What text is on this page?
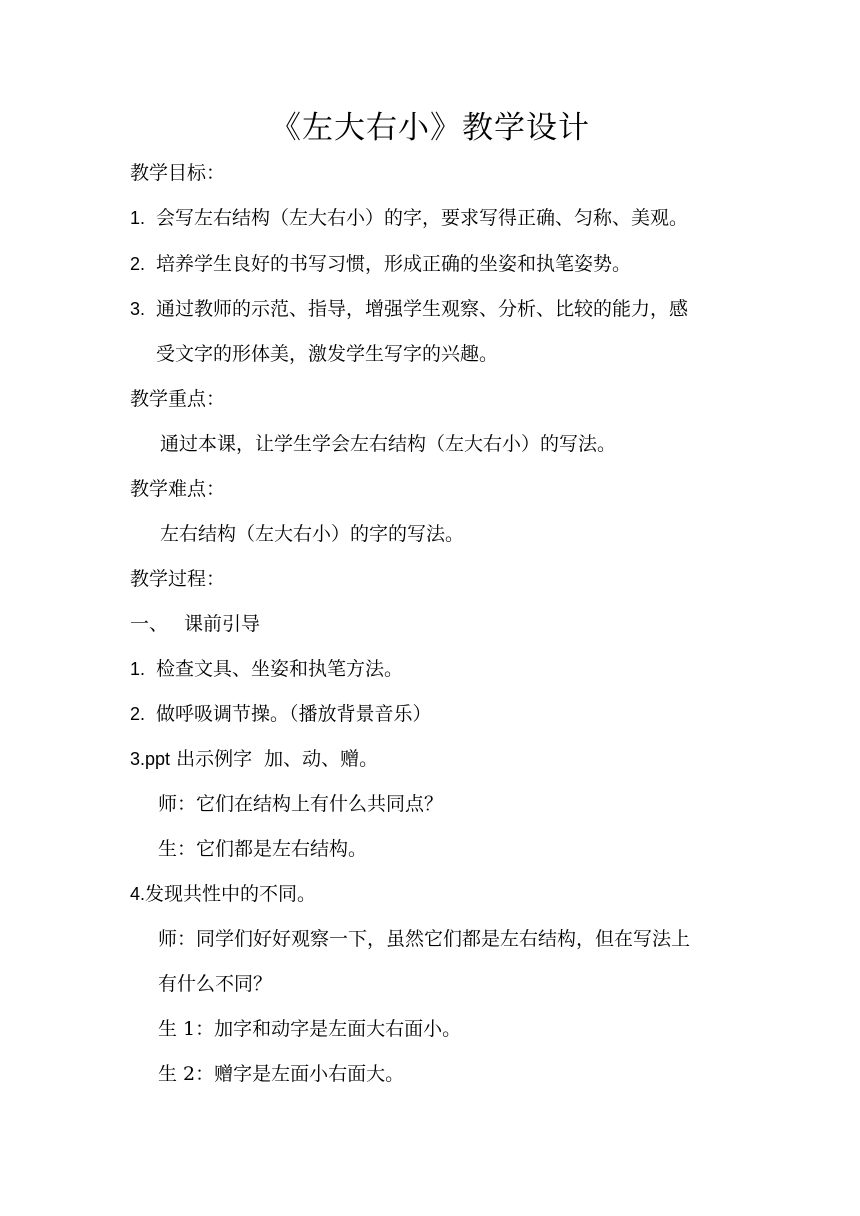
《左大右小》教学设计
教学目标：
1. 会写左右结构（左大右小）的字，要求写得正确、匀称、美观。
2. 培养学生良好的书写习惯，形成正确的坐姿和执笔姿势。
3. 通过教师的示范、指导，增强学生观察、分析、比较的能力，感
受文字的形体美，激发学生写字的兴趣。
教学重点：
通过本课，让学生学会左右结构（左大右小）的写法。
教学难点：
左右结构（左大右小）的字的写法。
教学过程：
一、 课前引导
1. 检查文具、坐姿和执笔方法。
2. 做呼吸调节操。（播放背景音乐）
3.ppt 出示例字  加、动、赠。
师：它们在结构上有什么共同点？
生：它们都是左右结构。
4.发现共性中的不同。
师：同学们好好观察一下，虽然它们都是左右结构，但在写法上
有什么不同？
生 1：加字和动字是左面大右面小。
生 2：赠字是左面小右面大。
